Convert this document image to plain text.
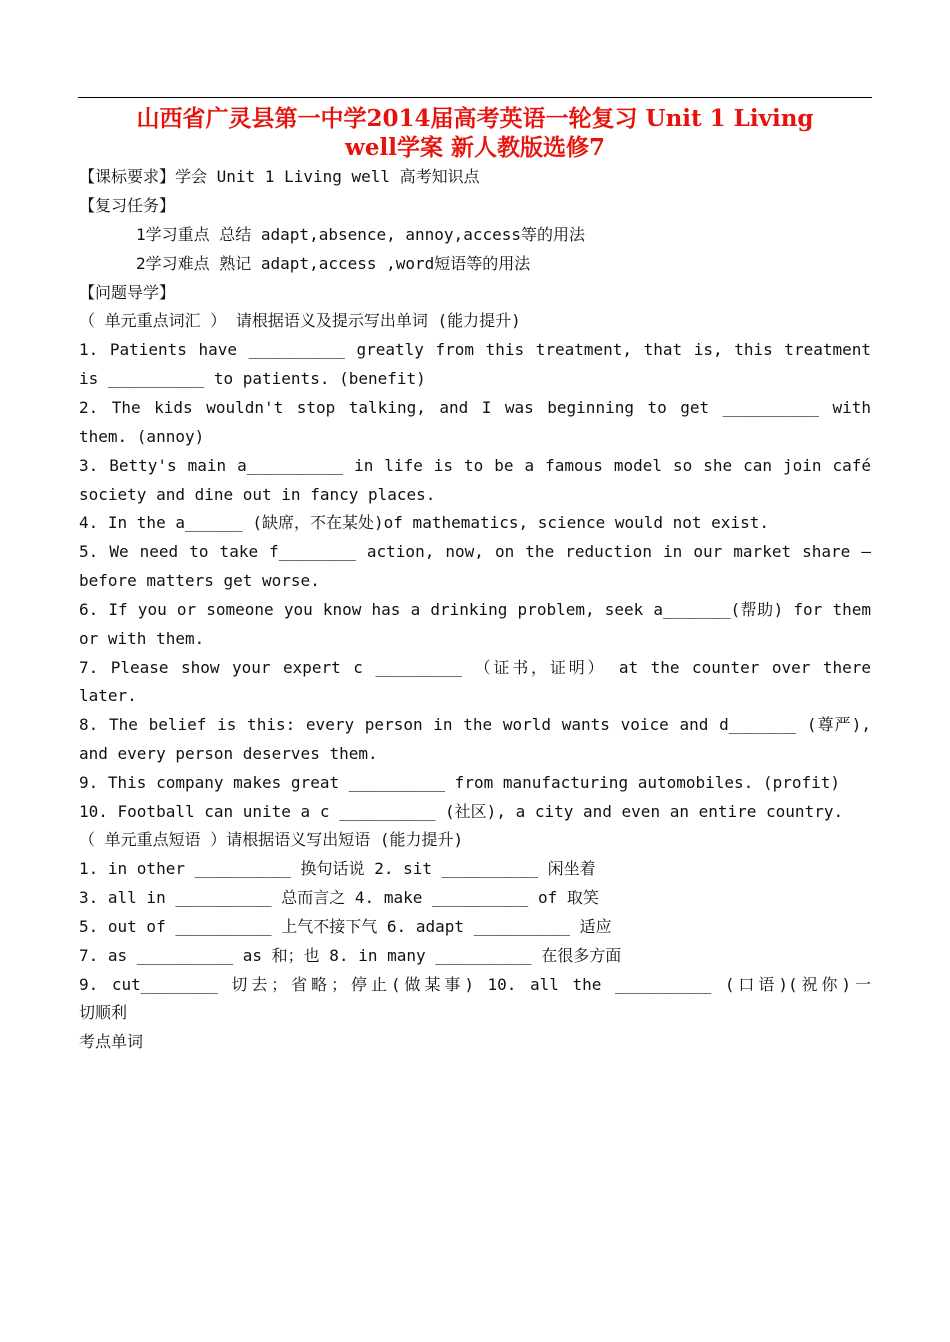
山西省广灵县第一中学2014届高考英语一轮复习 Unit 1 Living
well学案 新人教版选修7
【课标要求】学会 Unit 1 Living well 高考知识点
【复习任务】
1学习重点 总结 adapt,absence, annoy,access等的用法
2学习难点 熟记 adapt,access ,word短语等的用法
【问题导学】
（ 单元重点词汇 ） 请根据语义及提示写出单词 (能力提升)
1. Patients have __________ greatly from this treatment, that is, this treatment
is __________ to patients. (benefit)
2. The kids wouldn't stop talking, and I was beginning to get __________ with
them. (annoy)
3. Betty's main a__________ in life is to be a famous model so she can join café
society and dine out in fancy places.
4. In the a______ (缺席，不在某处)of mathematics, science would not exist.
5. We need to take f________ action, now, on the reduction in our market share —
before matters get worse.
6. If you or someone you know has a drinking problem, seek a_______(帮助) for them
or with them.
7. Please show your expert c _________ （证书，证明） at the counter over there
later.
8. The belief is this: every person in the world wants voice and d_______ (尊严),
and every person deserves them.
9. This company makes great __________ from manufacturing automobiles. (profit)
10. Football can unite a c __________ (社区), a city and even an entire country.
（ 单元重点短语 ）请根据语义写出短语 (能力提升)
1. in other __________ 换句话说 2. sit __________ 闲坐着
3. all in __________ 总而言之 4. make __________ of 取笑
5. out of __________ 上气不接下气 6. adapt __________ 适应
7. as __________ as 和；也 8. in many __________ 在很多方面
9. cut________ 切去；省略；停止(做某事) 10. all the __________ (口语)(祝你)一
切顺利
考点单词
